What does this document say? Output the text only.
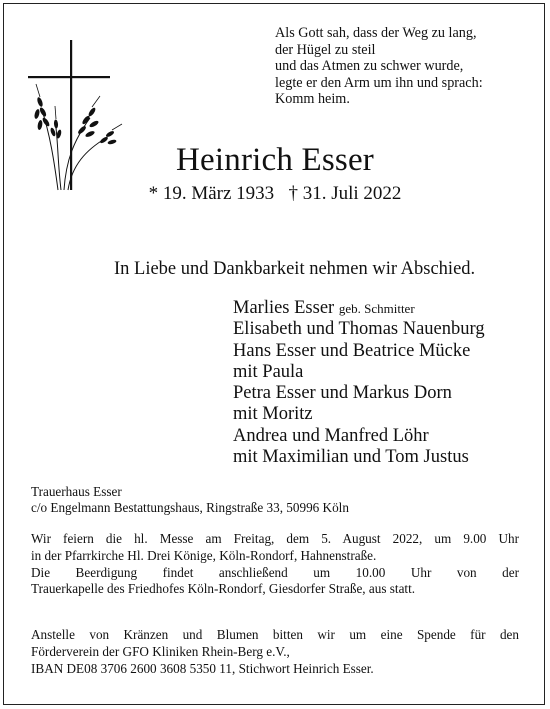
Als Gott sah, dass der Weg zu lang,
der Hügel zu steil
und das Atmen zu schwer wurde,
legte er den Arm um ihn und sprach:
Komm heim.
Heinrich Esser
* 19. März 1933 † 31. Juli 2022
In Liebe und Dankbarkeit nehmen wir Abschied.
Marlies Esser geb. Schmitter
Elisabeth und Thomas Nauenburg
Hans Esser und Beatrice Mücke
mit Paula
Petra Esser und Markus Dorn
mit Moritz
Andrea und Manfred Löhr
mit Maximilian und Tom Justus
Trauerhaus Esser
c/o Engelmann Bestattungshaus, Ringstraße 33, 50996 Köln
Wir feiern die hl. Messe am Freitag, dem 5. August 2022, um 9.00 Uhr
in der Pfarrkirche Hl. Drei Könige, Köln-Rondorf, Hahnenstraße.
Die Beerdigung findet anschließend um 10.00 Uhr von der
Trauerkapelle des Friedhofes Köln-Rondorf, Giesdorfer Straße, aus statt.
Anstelle von Kränzen und Blumen bitten wir um eine Spende für den
Förderverein der GFO Kliniken Rhein-Berg e.V.,
IBAN DE08 3706 2600 3608 5350 11, Stichwort Heinrich Esser.
